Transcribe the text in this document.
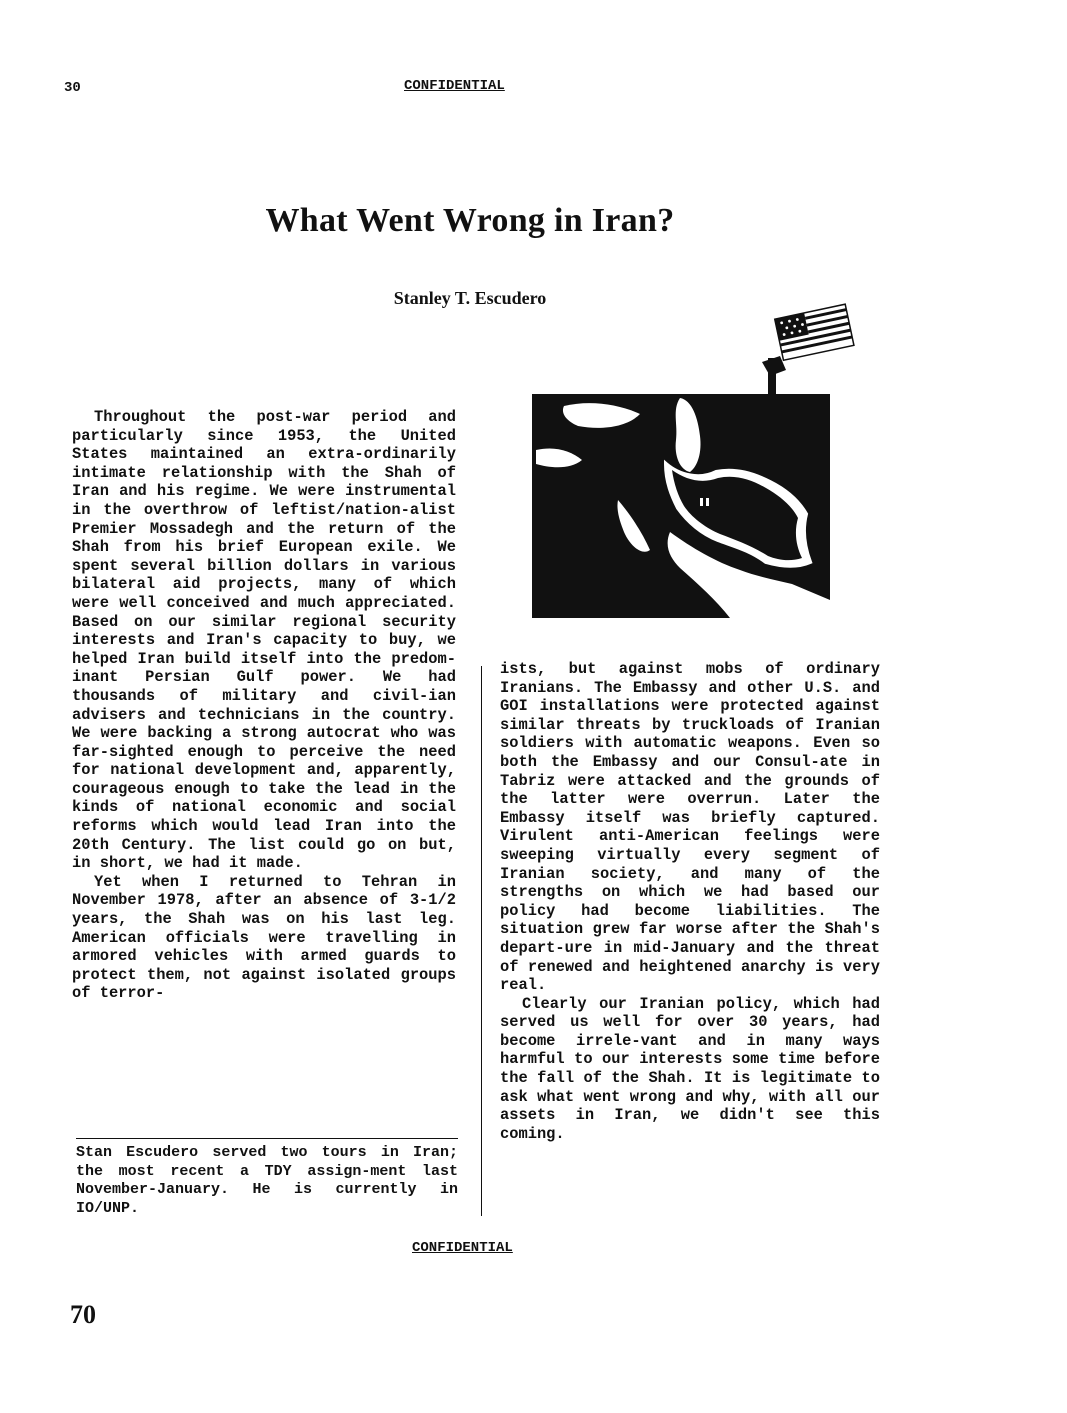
30	CONFIDENTIAL
What Went Wrong in Iran?
Stanley T. Escudero

Throughout the post-war period and particularly since 1953, the United States maintained an extra-ordinarily intimate relationship with the Shah of Iran and his regime. We were instrumental in the overthrow of leftist/nation-alist Premier Mossadegh and the return of the Shah from his brief European exile. We spent several billion dollars in various bilateral aid projects, many of which were well conceived and much appreciated. Based on our similar regional security interests and Iran's capacity to buy, we helped Iran build itself into the predom-inant Persian Gulf power. We had thousands of military and civil-ian advisers and technicians in the country. We were backing a strong autocrat who was far-sighted enough to perceive the need for national development and, apparently, courageous enough to take the lead in the kinds of national economic and social reforms which would lead Iran into the 20th Century. The list could go on but, in short, we had it made.

Yet when I returned to Tehran in November 1978, after an absence of 3-1/2 years, the Shah was on his last leg. American officials were travelling in armored vehicles with armed guards to protect them, not against isolated groups of terror-

ists, but against mobs of ordinary Iranians. The Embassy and other U.S. and GOI installations were protected against similar threats by truckloads of Iranian soldiers with automatic weapons. Even so both the Embassy and our Consul-ate in Tabriz were attacked and the grounds of the latter were overrun. Later the Embassy itself was briefly captured. Virulent anti-American feelings were sweeping virtually every segment of Iranian society, and many of the strengths on which we had based our policy had become liabilities. The situation grew far worse after the Shah's depart-ure in mid-January and the threat of renewed and heightened anarchy is very real.

Clearly our Iranian policy, which had served us well for over 30 years, had become irrele-vant and in many ways harmful to our interests some time before the fall of the Shah. It is legitimate to ask what went wrong and why, with all our assets in Iran, we didn't see this coming.

Stan Escudero served two tours in Iran; the most recent a TDY assign-ment last November-January. He is currently in IO/UNP.
CONFIDENTIAL
70
